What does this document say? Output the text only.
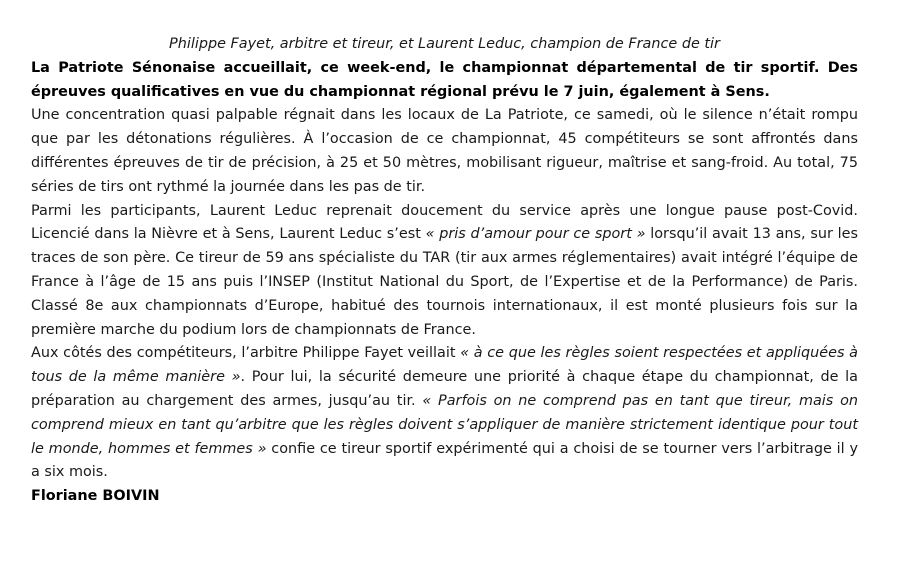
Philippe Fayet, arbitre et tireur, et Laurent Leduc, champion de France de tir

La Patriote Sénonaise accueillait, ce week-end, le championnat départemental de tir sportif. Des épreuves qualificatives en vue du championnat régional prévu le 7 juin, également à Sens.

Une concentration quasi palpable régnait dans les locaux de La Patriote, ce samedi, où le silence n’était rompu que par les détonations régulières. À l’occasion de ce championnat, 45 compétiteurs se sont affrontés dans différentes épreuves de tir de précision, à 25 et 50 mètres, mobilisant rigueur, maîtrise et sang-froid. Au total, 75 séries de tirs ont rythmé la journée dans les pas de tir.

Parmi les participants, Laurent Leduc reprenait doucement du service après une longue pause post-Covid. Licencié dans la Nièvre et à Sens, Laurent Leduc s’est « pris d’amour pour ce sport » lorsqu’il avait 13 ans, sur les traces de son père. Ce tireur de 59 ans spécialiste du TAR (tir aux armes réglementaires) avait intégré l’équipe de France à l’âge de 15 ans puis l’INSEP (Institut National du Sport, de l’Expertise et de la Performance) de Paris. Classé 8e aux championnats d’Europe, habitué des tournois internationaux, il est monté plusieurs fois sur la première marche du podium lors de championnats de France.

Aux côtés des compétiteurs, l’arbitre Philippe Fayet veillait « à ce que les règles soient respectées et appliquées à tous de la même manière ». Pour lui, la sécurité demeure une priorité à chaque étape du championnat, de la préparation au chargement des armes, jusqu’au tir. « Parfois on ne comprend pas en tant que tireur, mais on comprend mieux en tant qu’arbitre que les règles doivent s’appliquer de manière strictement identique pour tout le monde, hommes et femmes » confie ce tireur sportif expérimenté qui a choisi de se tourner vers l’arbitrage il y a six mois.

Floriane BOIVIN
